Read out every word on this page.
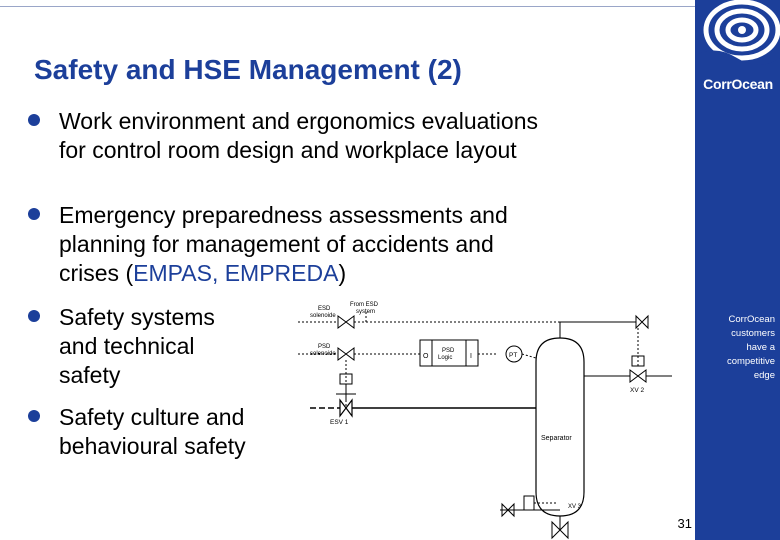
CorrOcean
CorrOcean
customers
have a
competitive
edge
Safety and HSE Management (2)
Work environment and ergonomics evaluations
for control room design and workplace layout
Emergency preparedness assessments and
planning for management of accidents and
crises (EMPAS, EMPREDA)
Safety systems
and technical
safety
Safety culture and
behavioural safety
ESD
solenoide
From ESD
system
PSD
solenoide	O
PSD
Logic	I	PT
Separator
ESV 1
XV 2
XV 3
31
